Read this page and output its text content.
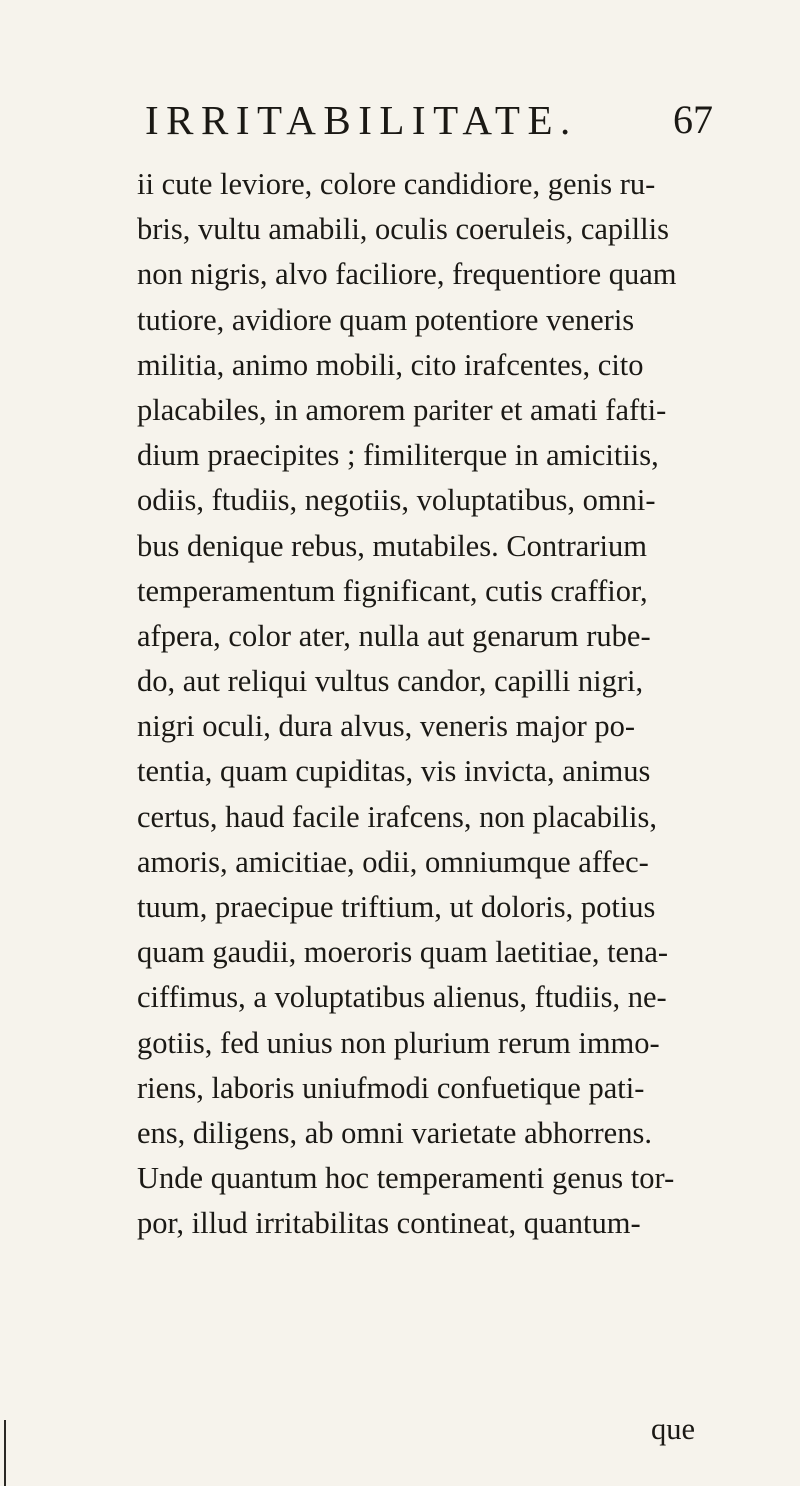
IRRITABILITATE. 67
ii cute leviore, colore candidiore, genis ru-
bris, vultu amabili, oculis coeruleis, capillis
non nigris, alvo faciliore, frequentiore quam
tutiore, avidiore quam potentiore veneris
militia, animo mobili, cito irafcentes, cito
placabiles, in amorem pariter et amati fafti-
dium praecipites ; fimiliterque in amicitiis,
odiis, ftudiis, negotiis, voluptatibus, omni-
bus denique rebus, mutabiles. Contrarium
temperamentum fignificant, cutis craffior,
afpera, color ater, nulla aut genarum rube-
do, aut reliqui vultus candor, capilli nigri,
nigri oculi, dura alvus, veneris major po-
tentia, quam cupiditas, vis invicta, animus
certus, haud facile irafcens, non placabilis,
amoris, amicitiae, odii, omniumque affec-
tuum, praecipue triftium, ut doloris, potius
quam gaudii, moeroris quam laetitiae, tena-
ciffimus, a voluptatibus alienus, ftudiis, ne-
gotiis, fed unius non plurium rerum immo-
riens, laboris uniufmodi confuetique pati-
ens, diligens, ab omni varietate abhorrens.
Unde quantum hoc temperamenti genus tor-
por, illud irritabilitas contineat, quantum-
que
